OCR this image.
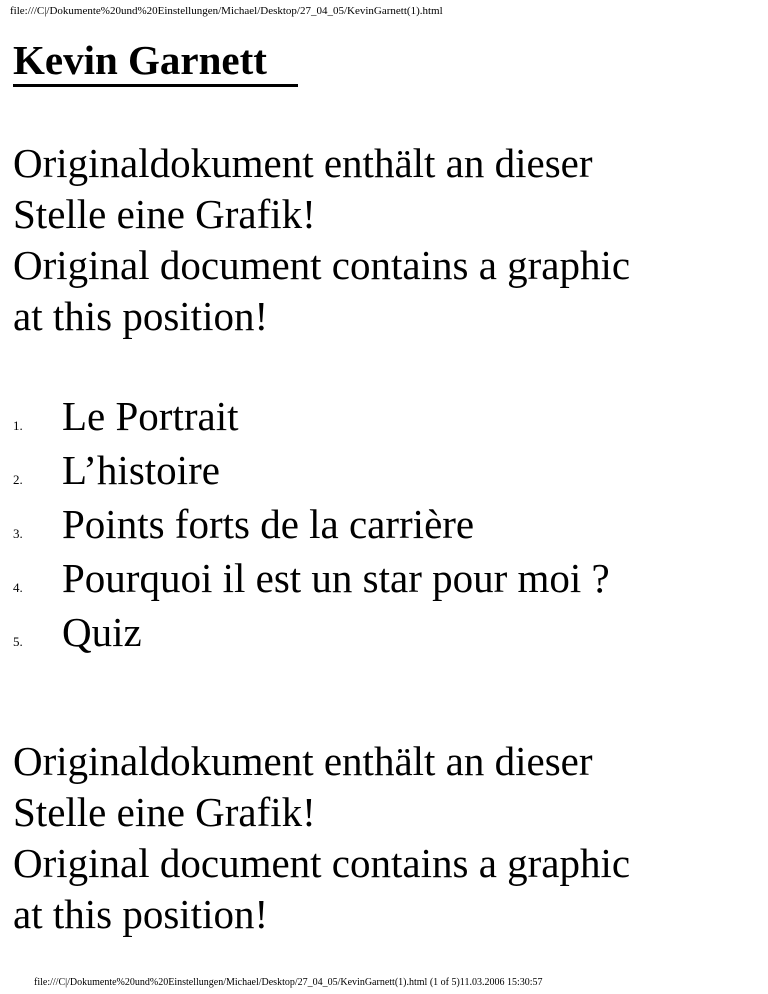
file:///C|/Dokumente%20und%20Einstellungen/Michael/Desktop/27_04_05/KevinGarnett(1).html
Kevin Garnett
Originaldokument enthält an dieser
Stelle eine Grafik!
Original document contains a graphic
at this position!
1. Le Portrait
2. L’histoire
3. Points forts de la carrière
4. Pourquoi il est un star pour moi ?
5. Quiz
Originaldokument enthält an dieser
Stelle eine Grafik!
Original document contains a graphic
at this position!
file:///C|/Dokumente%20und%20Einstellungen/Michael/Desktop/27_04_05/KevinGarnett(1).html (1 of 5)11.03.2006 15:30:57
